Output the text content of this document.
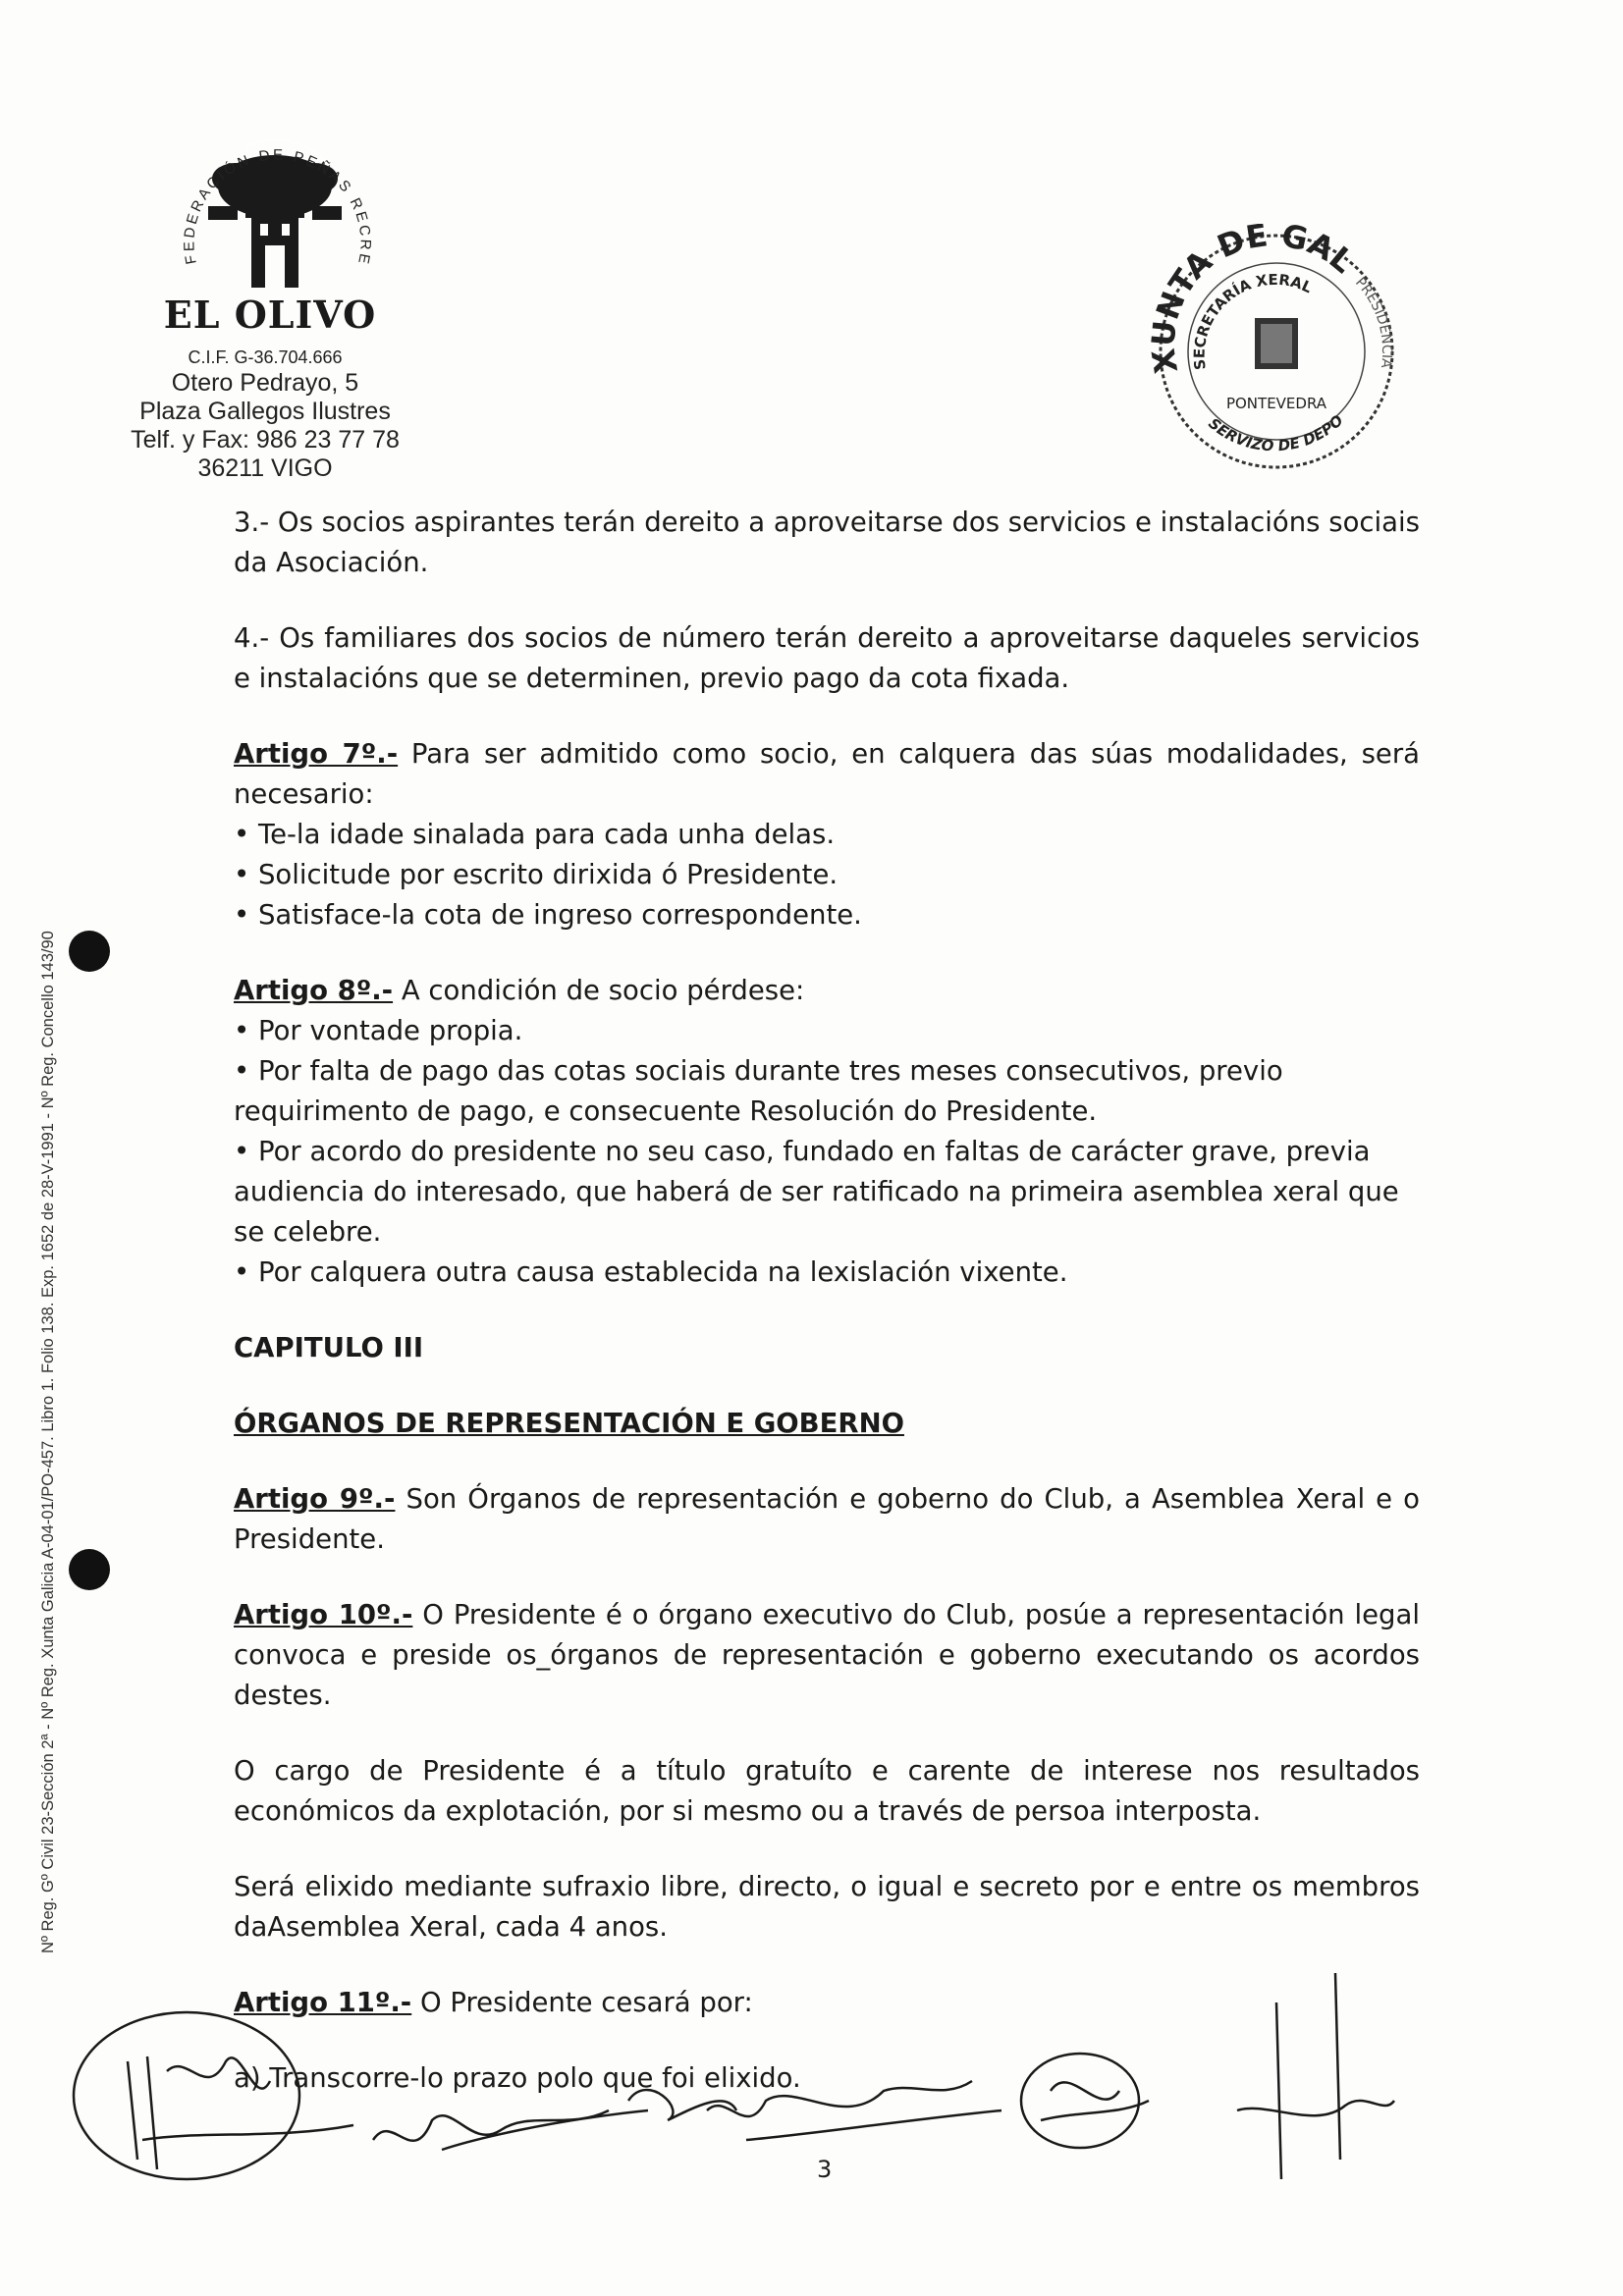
FEDERACIÓN DE PEÑAS RECRE
EL OLIVO
C.I.F. G-36.704.666
Otero Pedrayo, 5
Plaza Gallegos Ilustres
Telf. y Fax: 986 23 77 78
36211 VIGO
NTA DE GAL
SECRETARÍA XERAL	PRESIDENCIA
SERVIZO DE DEPO
PONTEVEDRA
Nº Reg. Gº Civil 23-Sección 2ª - Nº Reg. Xunta Galicia A-04-01/PO-457. Libro 1. Folio 138. Exp. 1652 de 28-V-1991 - Nº Reg. Concello 143/90

3.- Os socios aspirantes terán dereito a aproveitarse dos servicios e instalacións sociais da Asociación.

4.- Os familiares dos socios de número terán dereito a aproveitarse daqueles servicios e instalacións que se determinen, previo pago da cota fixada.

Artigo 7º.- Para ser admitido como socio, en calquera das súas modalidades, será necesario:

• Te-la idade sinalada para cada unha delas.

• Solicitude por escrito dirixida ó Presidente.

• Satisface-la cota de ingreso correspondente.

Artigo 8º.- A condición de socio pérdese:

• Por vontade propia.

• Por falta de pago das cotas sociais durante tres meses consecutivos, previo requirimento de pago, e consecuente Resolución do Presidente.

• Por acordo do presidente no seu caso, fundado en faltas de carácter grave, previa audiencia do interesado, que haberá de ser ratificado na primeira asemblea xeral que se celebre.

• Por calquera outra causa establecida na lexislación vixente.

CAPITULO III

ÓRGANOS DE REPRESENTACIÓN E GOBERNO

Artigo 9º.- Son Órganos de representación e goberno do Club, a Asemblea Xeral e o Presidente.

Artigo 10º.- O Presidente é o órgano executivo do Club, posúe a representación legal convoca e preside os_órganos de representación e goberno executando os acordos destes.

O cargo de Presidente é a título gratuíto e carente de interese nos resultados económicos da explotación, por si mesmo ou a través de persoa interposta.

Será elixido mediante sufraxio libre, directo, o igual e secreto por e entre os membros daAsemblea Xeral, cada 4 anos.

Artigo 11º.- O Presidente cesará por:

a) Transcorre-lo prazo polo que foi elixido.

3
